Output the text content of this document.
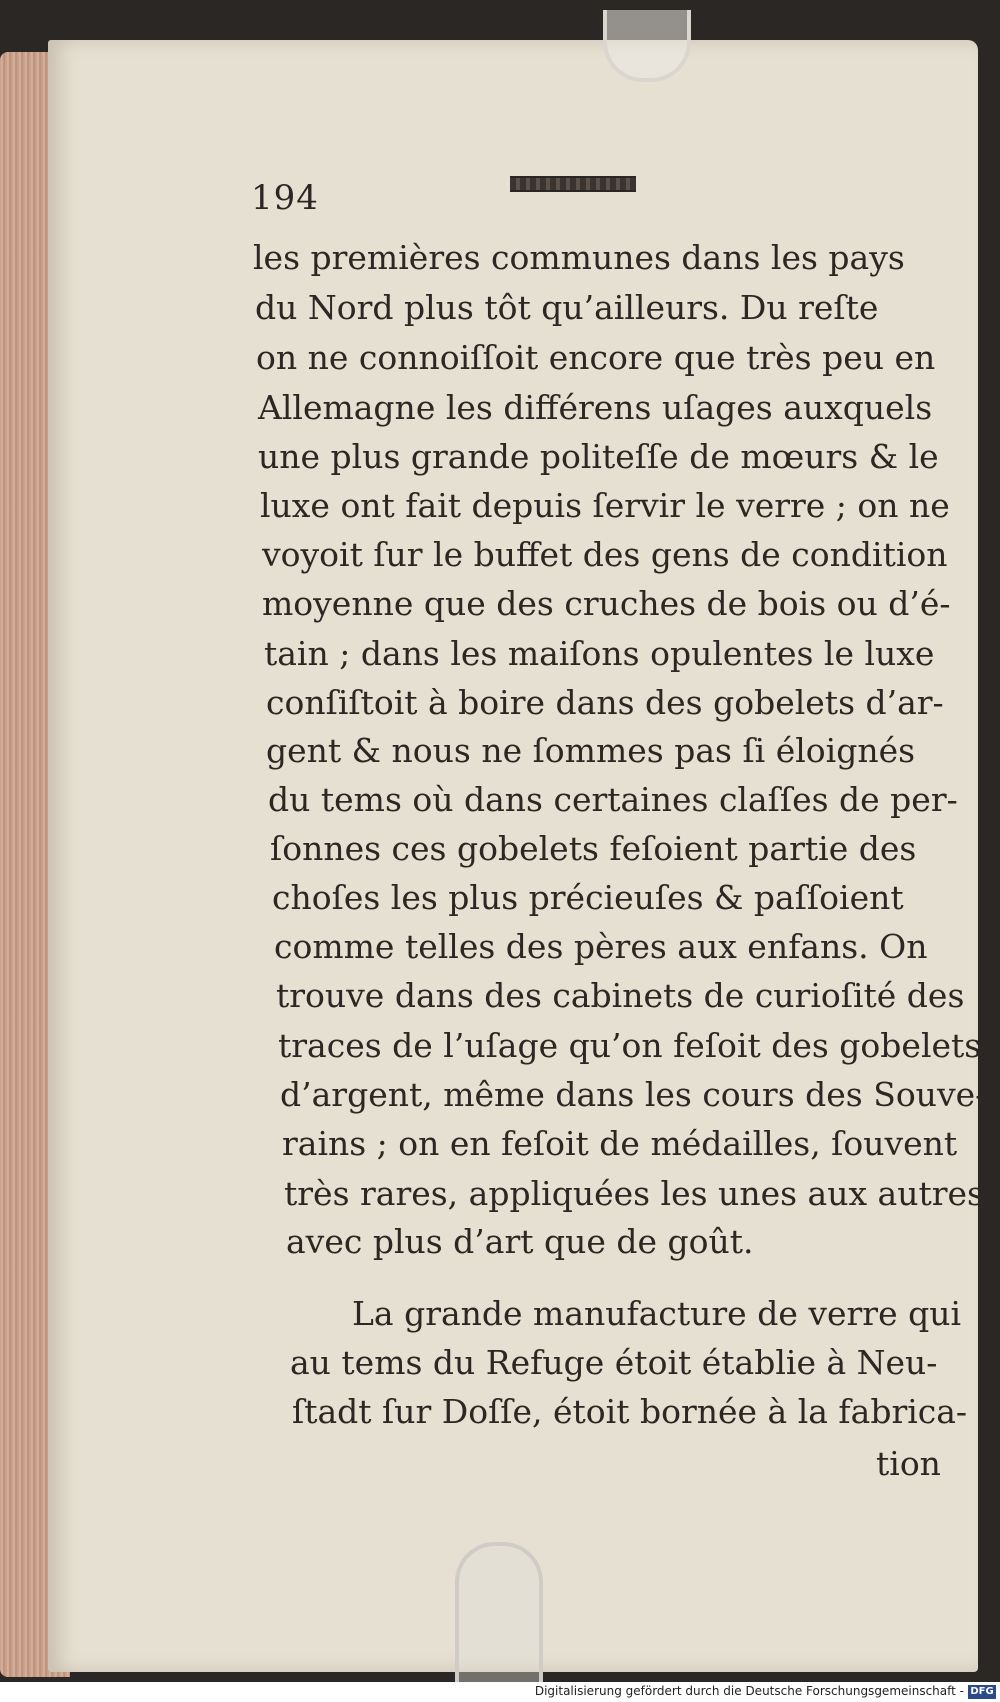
194

les premières communes dans les pays

du Nord plus tôt qu’ailleurs. Du reſte

on ne connoiſſoit encore que très peu en

Allemagne les différens uſages auxquels

une plus grande politeſſe de mœurs & le

luxe ont fait depuis ſervir le verre ; on ne

voyoit ſur le buffet des gens de condition

moyenne que des cruches de bois ou d’é-

tain ; dans les maiſons opulentes le luxe

conſiſtoit à boire dans des gobelets d’ar-

gent & nous ne ſommes pas ſi éloignés

du tems où dans certaines claſſes de per-

ſonnes ces gobelets feſoient partie des

choſes les plus précieuſes & paſſoient

comme telles des pères aux enfans. On

trouve dans des cabinets de curioſité des

traces de l’uſage qu’on feſoit des gobelets

d’argent, même dans les cours des Souve-

rains ; on en feſoit de médailles, ſouvent

très rares, appliquées les unes aux autres,

La grande manufacture de verre qui

au tems du Refuge étoit établie à Neu-

ſtadt ſur Doſſe, étoit bornée à la fabrica-

tion

avec plus d’art que de goût.

Digitalisierung gefördert durch die Deutsche Forschungsgemeinschaft - DFG
